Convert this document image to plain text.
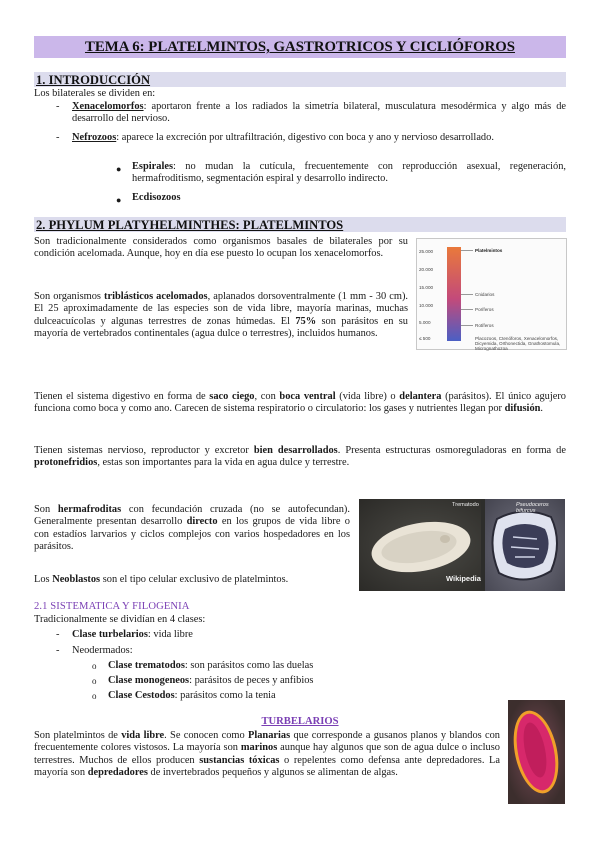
TEMA 6: PLATELMINTOS, GASTROTRICOS Y CICLIÓFOROS
1. INTRODUCCIÓN
Los bilaterales se dividen en:
- Xenacelomorfos: aportaron frente a los radiados la simetría bilateral, musculatura mesodérmica y algo más de desarrollo del nervioso.
- Nefrozoos: aparece la excreción por ultrafiltración, digestivo con boca y ano y nervioso desarrollado.
● Espirales: no mudan la cutícula, frecuentemente con reproducción asexual, regeneración, hermafroditismo, segmentación espiral y desarrollo indirecto.
● Ecdisozoos
2. PHYLUM PLATYHELMINTHES: PLATELMINTOS
Son tradicionalmente considerados como organismos basales de bilaterales por su condición acelomada. Aunque, hoy en día ese puesto lo ocupan los xenacelomorfos.
Son organismos triblásticos acelomados, aplanados dorsoventralmente (1 mm - 30 cm). El 25 aproximadamente de las especies son de vida libre, mayoría marinas, muchas dulceacuícolas y algunas terrestres de zonas húmedas. El 75% son parásitos en su mayoría de vertebrados continentales (agua dulce o terrestres), incluidos humanos.
25.000
20.000
15.000
10.000
5.000
≤ 500
Platelmintos
Cnidarios
Poríferos
Rotíferos
Placozoos, Ctenóforos, Xenacelomorfos, Dicyemida, Orthonectida, Gnathostomula, Micrognathozoa
Tienen el sistema digestivo en forma de saco ciego, con boca ventral (vida libre) o delantera (parásitos). El único agujero funciona como boca y como ano. Carecen de sistema respiratorio o circulatorio: los gases y nutrientes llegan por difusión.
Tienen sistemas nervioso, reproductor y excretor bien desarrollados. Presenta estructuras osmoreguladoras en forma de protonefridios, estas son importantes para la vida en agua dulce y terrestre.
Son hermafroditas con fecundación cruzada (no se autofecundan). Generalmente presentan desarrollo directo en los grupos de vida libre o con estadíos larvarios y ciclos complejos con varios hospedadores en los parásitos.
Trematodo	Pseudoceros bifurcus
Wikipedia
Los Neoblastos son el tipo celular exclusivo de platelmintos.
2.1 SISTEMATICA Y FILOGENIA
Tradicionalmente se dividían en 4 clases:
- Clase turbelarios: vida libre
- Neodermados:
o Clase trematodos: son parásitos como las duelas
o Clase monogeneos: parásitos de peces y anfibios
o Clase Cestodos: parásitos como la tenia
TURBELARIOS
Son platelmintos de vida libre. Se conocen como Planarias que corresponde a gusanos planos y blandos con frecuentemente colores vistosos. La mayoría son marinos aunque hay algunos que son de agua dulce o incluso terrestres. Muchos de ellos producen sustancias tóxicas o repelentes como defensa ante depredadores. La mayoría son depredadores de invertebrados pequeños y algunos se alimentan de algas.
